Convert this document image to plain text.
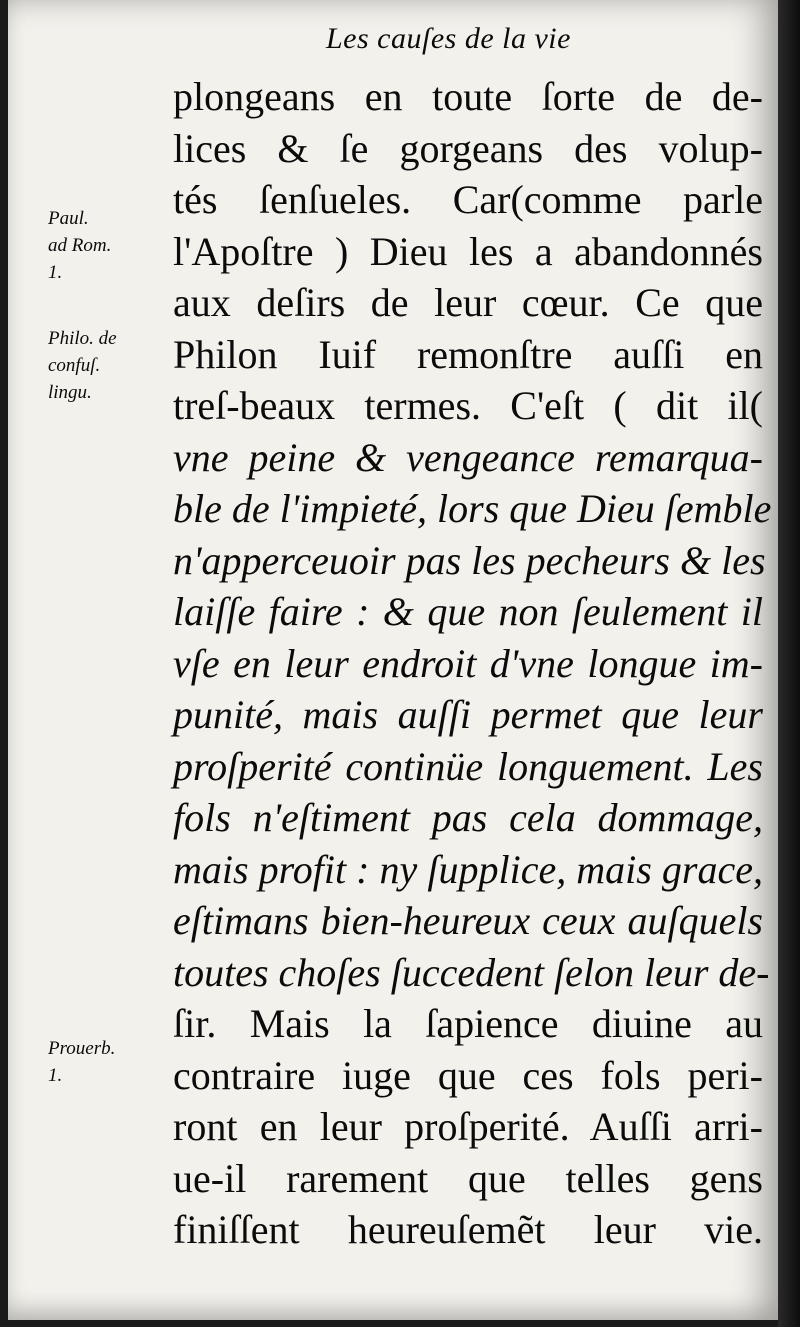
Les cauſes de la vie
Paul.
ad Rom.
1.
Philo. de
confuſ.
lingu.
Prouerb.
1.
plongeans en toute ſorte de de-
lices & ſe gorgeans des volup-
tés ſenſueles. Car(comme parle
l'Apoſtre ) Dieu les a abandonnés
aux deſirs de leur cœur. Ce que
Philon Iuif remonſtre auſſi en
treſ-beaux termes. C'eſt ( dit il(
vne peine & vengeance remarqua-
ble de l'impieté, lors que Dieu ſemble
n'apperceuoir pas les pecheurs & les
laiſſe faire : & que non ſeulement il
vſe en leur endroit d'vne longue im-
punité, mais auſſi permet que leur
proſperité continüe longuement. Les
fols n'eſtiment pas cela dommage,
mais profit : ny ſupplice, mais grace,
eſtimans bien-heureux ceux auſquels
toutes choſes ſuccedent ſelon leur de-
ſir. Mais la ſapience diuine au
contraire iuge que ces fols peri-
ront en leur proſperité. Auſſi arri-
ue-il rarement que telles gens
finiſſent heureuſemẽt leur vie.
